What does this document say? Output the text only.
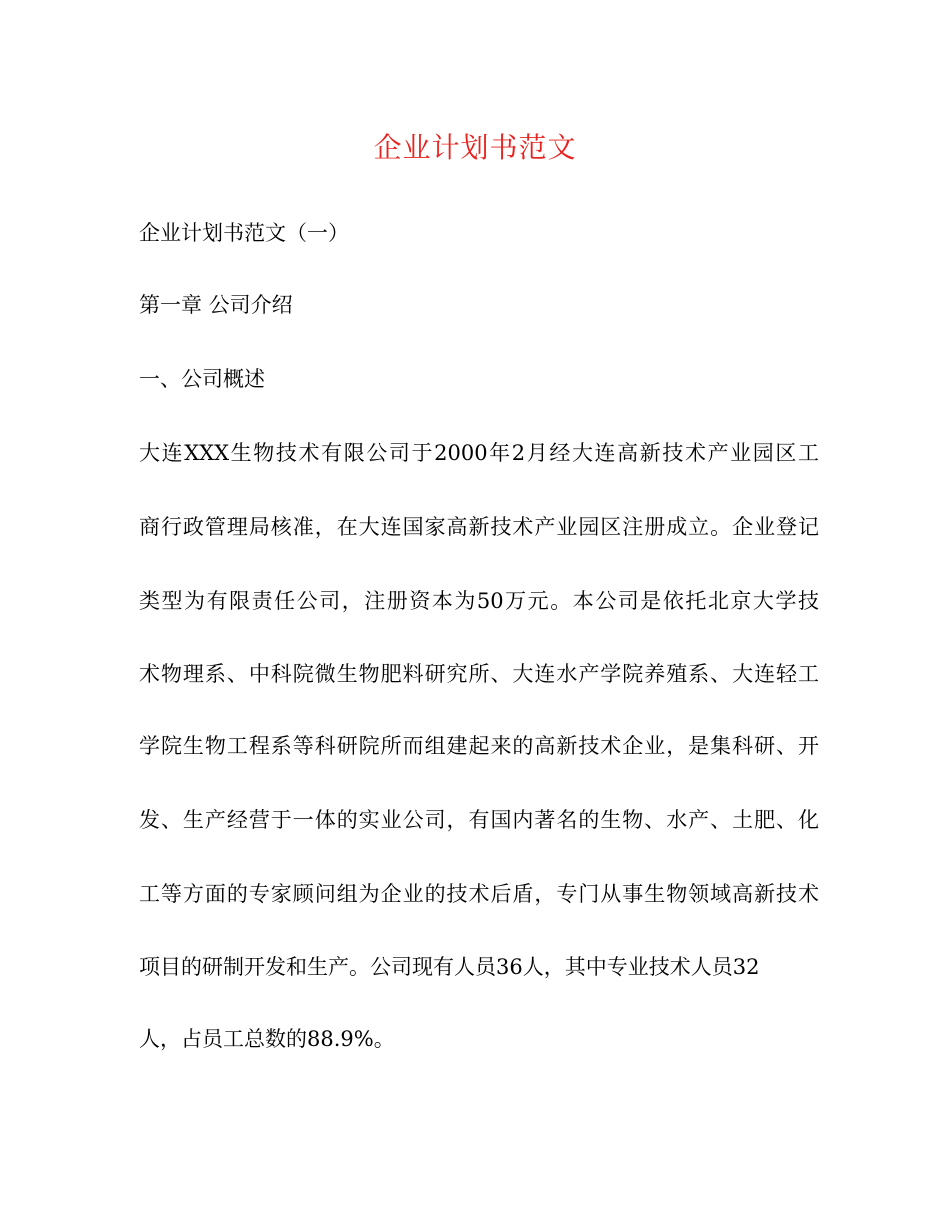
企业计划书范文
企业计划书范文（一）
第一章 公司介绍
一、公司概述
大连XXX生物技术有限公司于2000年2月经大连高新技术产业园区工
商行政管理局核准，在大连国家高新技术产业园区注册成立。企业登记
类型为有限责任公司，注册资本为50万元。本公司是依托北京大学技
术物理系、中科院微生物肥料研究所、大连水产学院养殖系、大连轻工
学院生物工程系等科研院所而组建起来的高新技术企业，是集科研、开
发、生产经营于一体的实业公司，有国内著名的生物、水产、土肥、化
工等方面的专家顾问组为企业的技术后盾，专门从事生物领域高新技术
项目的研制开发和生产。公司现有人员36人，其中专业技术人员32
人，占员工总数的88.9%。
